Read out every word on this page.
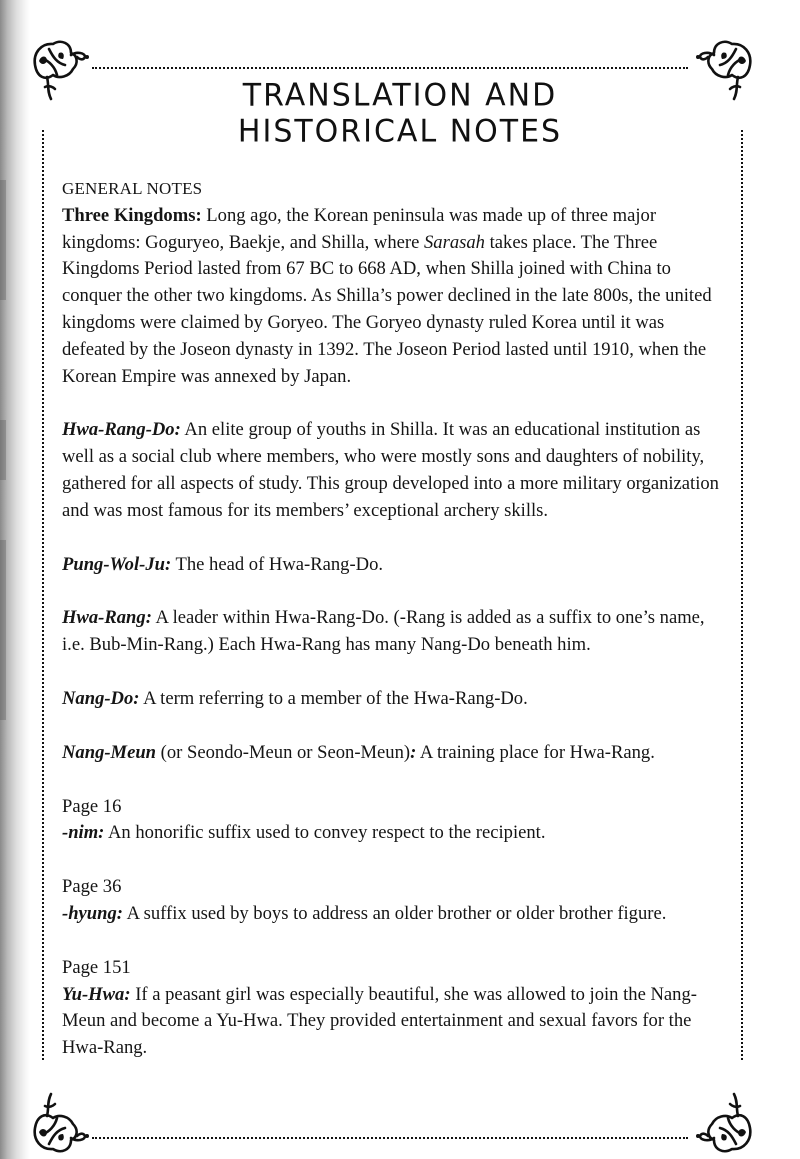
TRANSLATION AND
HISTORICAL NOTES

GENERAL NOTES

Three Kingdoms: Long ago, the Korean peninsula was made up of three major kingdoms: Goguryeo, Baekje, and Shilla, where Sarasah takes place. The Three Kingdoms Period lasted from 67 BC to 668 AD, when Shilla joined with China to conquer the other two kingdoms. As Shilla’s power declined in the late 800s, the united kingdoms were claimed by Goryeo. The Goryeo dynasty ruled Korea until it was defeated by the Joseon dynasty in 1392. The Joseon Period lasted until 1910, when the Korean Empire was annexed by Japan.

Hwa-Rang-Do: An elite group of youths in Shilla. It was an educational institution as well as a social club where members, who were mostly sons and daughters of nobility, gathered for all aspects of study. This group developed into a more military organization and was most famous for its members’ exceptional archery skills.

Pung-Wol-Ju: The head of Hwa-Rang-Do.

Hwa-Rang: A leader within Hwa-Rang-Do. (-Rang is added as a suffix to one’s name, i.e. Bub-Min-Rang.) Each Hwa-Rang has many Nang-Do beneath him.

Nang-Do: A term referring to a member of the Hwa-Rang-Do.

Nang-Meun (or Seondo-Meun or Seon-Meun): A training place for Hwa-Rang.

Page 16

-nim: An honorific suffix used to convey respect to the recipient.

Page 36

-hyung: A suffix used by boys to address an older brother or older brother figure.

Page 151

Yu-Hwa: If a peasant girl was especially beautiful, she was allowed to join the Nang-Meun and become a Yu-Hwa. They provided entertainment and sexual favors for the Hwa-Rang.
